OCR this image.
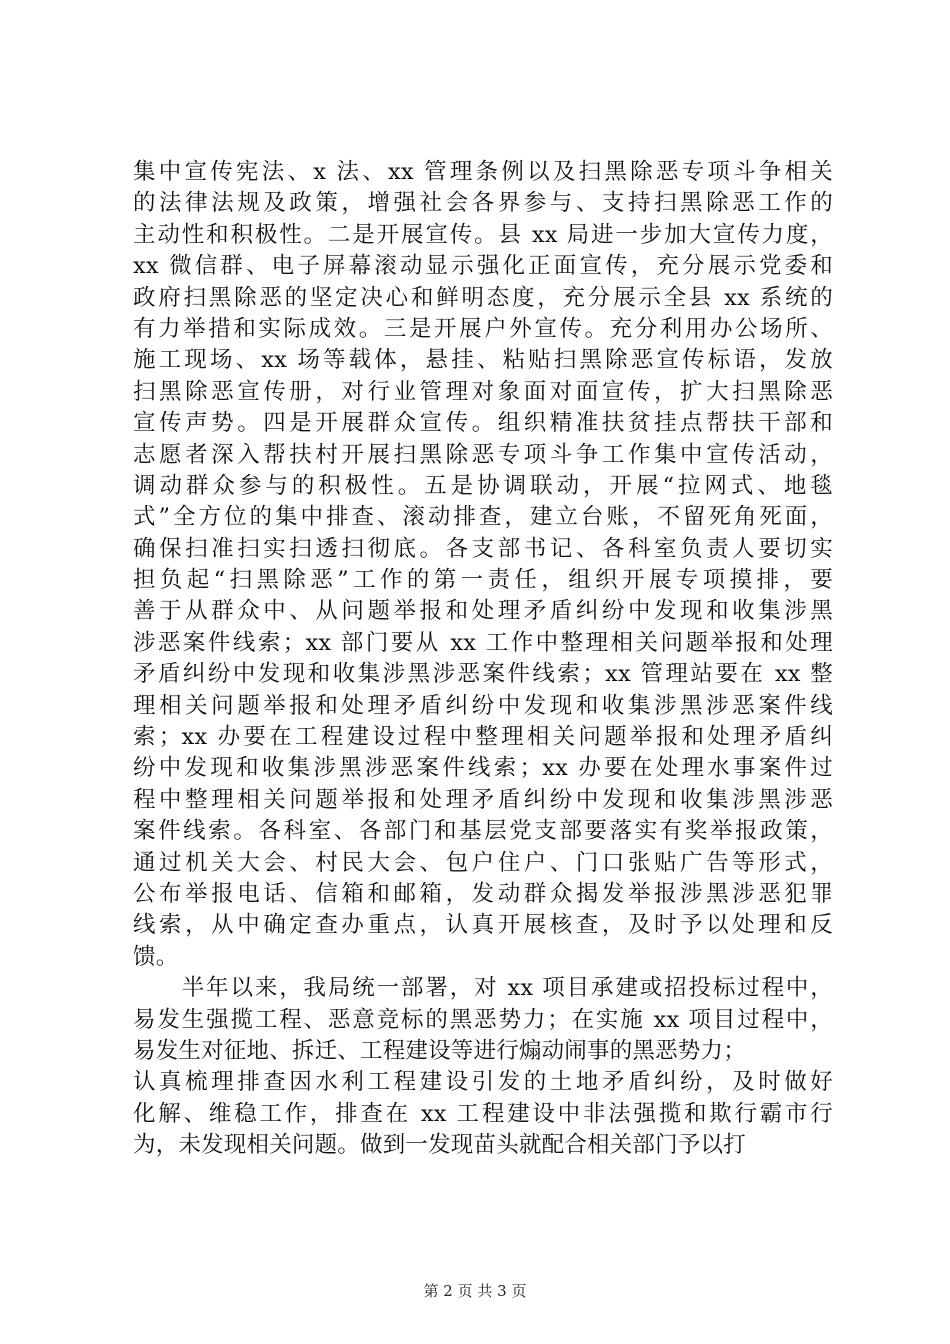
集中宣传宪法、x 法、xx 管理条例以及扫黑除恶专项斗争相关
的法律法规及政策，增强社会各界参与、支持扫黑除恶工作的
主动性和积极性。二是开展宣传。县 xx 局进一步加大宣传力度，
xx 微信群、电子屏幕滚动显示强化正面宣传，充分展示党委和
政府扫黑除恶的坚定决心和鲜明态度，充分展示全县 xx 系统的
有力举措和实际成效。三是开展户外宣传。充分利用办公场所、
施工现场、xx 场等载体，悬挂、粘贴扫黑除恶宣传标语，发放
扫黑除恶宣传册，对行业管理对象面对面宣传，扩大扫黑除恶
宣传声势。四是开展群众宣传。组织精准扶贫挂点帮扶干部和
志愿者深入帮扶村开展扫黑除恶专项斗争工作集中宣传活动，
调动群众参与的积极性。五是协调联动，开展“拉网式、地毯
式”全方位的集中排查、滚动排查，建立台账，不留死角死面，
确保扫准扫实扫透扫彻底。各支部书记、各科室负责人要切实
担负起“扫黑除恶”工作的第一责任，组织开展专项摸排，要
善于从群众中、从问题举报和处理矛盾纠纷中发现和收集涉黑
涉恶案件线索；xx 部门要从 xx 工作中整理相关问题举报和处理
矛盾纠纷中发现和收集涉黑涉恶案件线索；xx 管理站要在 xx 整
理相关问题举报和处理矛盾纠纷中发现和收集涉黑涉恶案件线
索；xx 办要在工程建设过程中整理相关问题举报和处理矛盾纠
纷中发现和收集涉黑涉恶案件线索；xx 办要在处理水事案件过
程中整理相关问题举报和处理矛盾纠纷中发现和收集涉黑涉恶
案件线索。各科室、各部门和基层党支部要落实有奖举报政策，
通过机关大会、村民大会、包户住户、门口张贴广告等形式，
公布举报电话、信箱和邮箱，发动群众揭发举报涉黑涉恶犯罪
线索，从中确定查办重点，认真开展核查，及时予以处理和反
馈。
　　半年以来，我局统一部署，对 xx 项目承建或招投标过程中，
易发生强揽工程、恶意竞标的黑恶势力；在实施 xx 项目过程中，
易发生对征地、拆迁、工程建设等进行煽动闹事的黑恶势力；
认真梳理排查因水利工程建设引发的土地矛盾纠纷，及时做好
化解、维稳工作，排查在 xx 工程建设中非法强揽和欺行霸市行
为，未发现相关问题。做到一发现苗头就配合相关部门予以打
第 2 页 共 3 页
